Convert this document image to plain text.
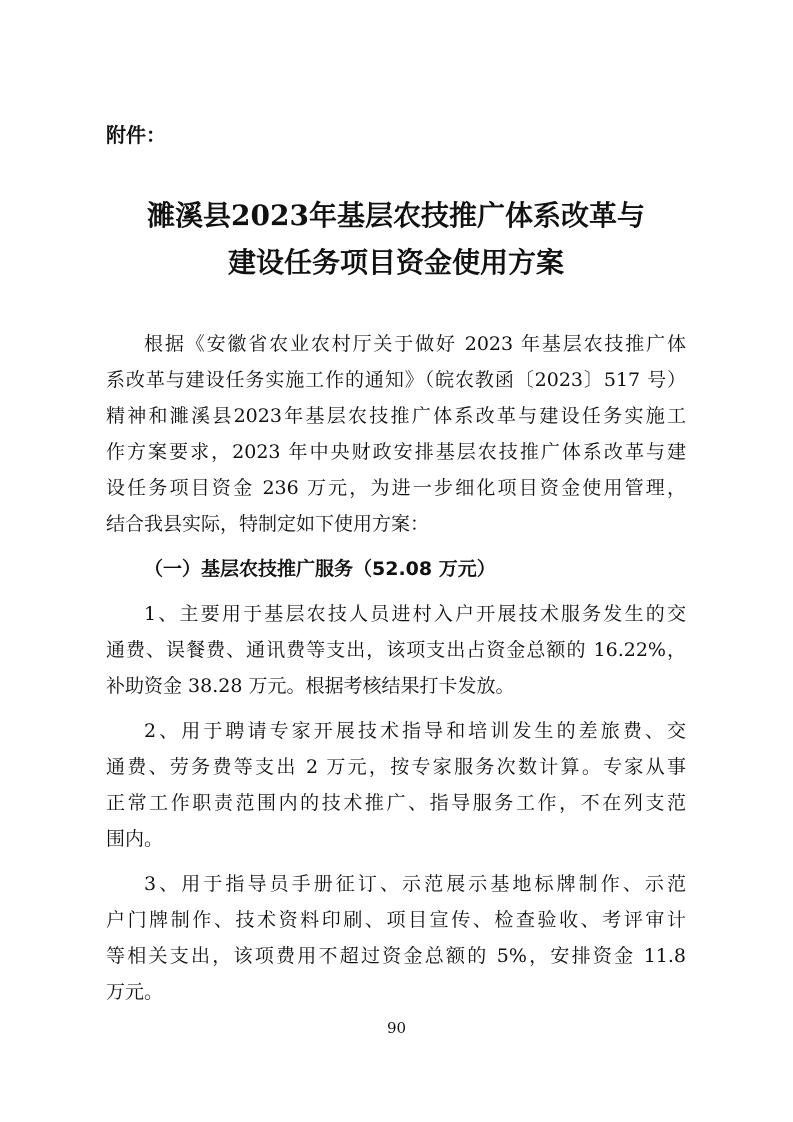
附件：

濉溪县2023年基层农技推广体系改革与
建设任务项目资金使用方案

根据《安徽省农业农村厅关于做好 2023 年基层农技推广体

系改革与建设任务实施工作的通知》（皖农教函〔2023〕517 号）

精神和濉溪县2023年基层农技推广体系改革与建设任务实施工

作方案要求，2023 年中央财政安排基层农技推广体系改革与建

设任务项目资金 236 万元，为进一步细化项目资金使用管理，

结合我县实际，特制定如下使用方案：

（一）基层农技推广服务（52.08 万元）

1、主要用于基层农技人员进村入户开展技术服务发生的交

通费、误餐费、通讯费等支出，该项支出占资金总额的 16.22%，

补助资金 38.28 万元。根据考核结果打卡发放。

2、用于聘请专家开展技术指导和培训发生的差旅费、交

通费、劳务费等支出 2 万元，按专家服务次数计算。专家从事

正常工作职责范围内的技术推广、指导服务工作，不在列支范

围内。

3、用于指导员手册征订、示范展示基地标牌制作、示范

户门牌制作、技术资料印刷、项目宣传、检查验收、考评审计

等相关支出，该项费用不超过资金总额的 5%，安排资金 11.8

万元。

90
